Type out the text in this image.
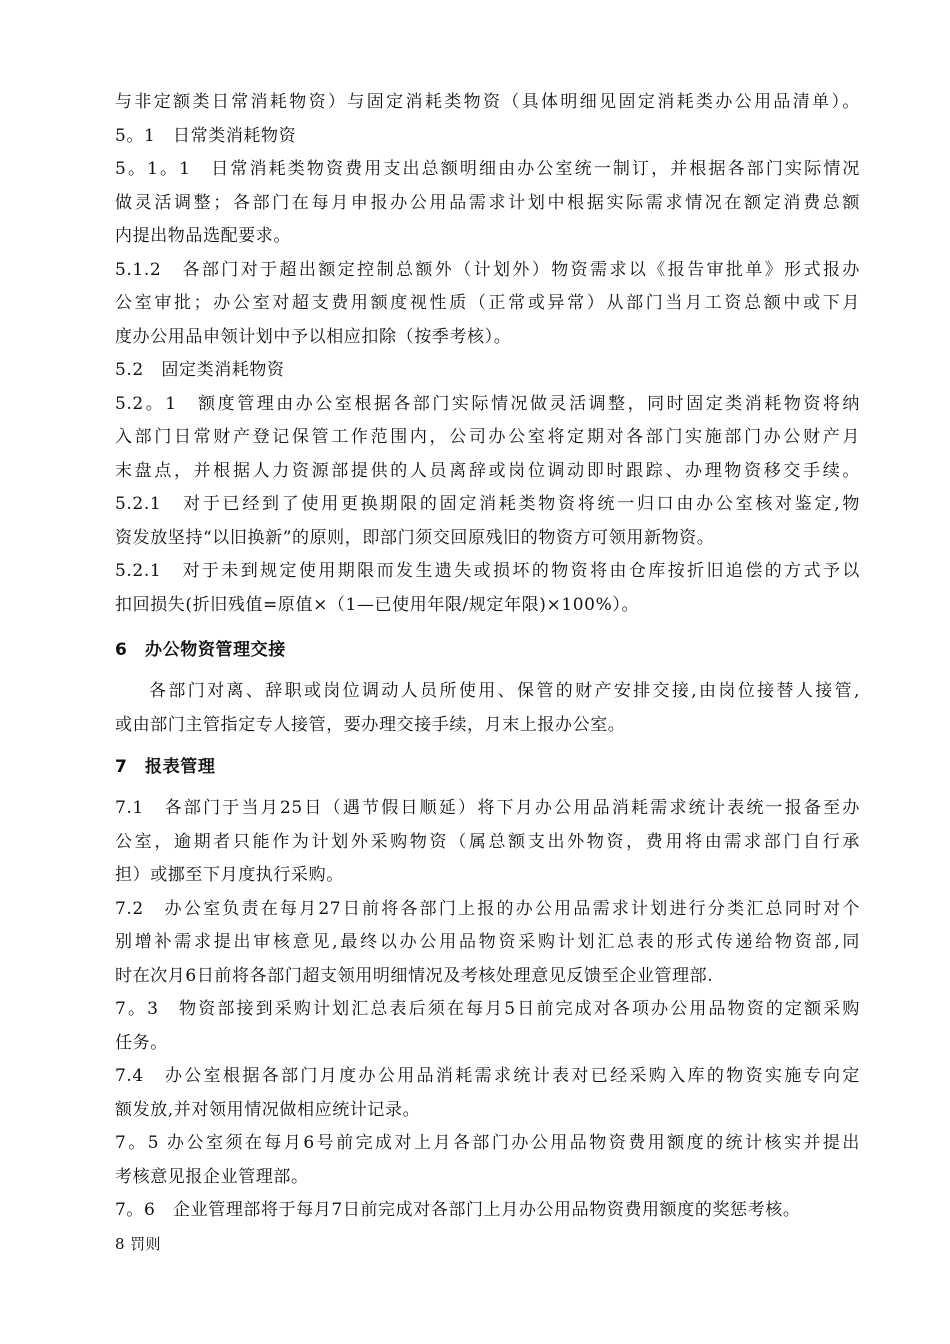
与非定额类日常消耗物资）与固定消耗类物资（具体明细见固定消耗类办公用品清单）。
5。1　日常类消耗物资
5。1。1　日常消耗类物资费用支出总额明细由办公室统一制订，并根据各部门实际情况
做灵活调整；各部门在每月申报办公用品需求计划中根据实际需求情况在额定消费总额
内提出物品选配要求。
5.1.2　各部门对于超出额定控制总额外（计划外）物资需求以《报告审批单》形式报办
公室审批；办公室对超支费用额度视性质（正常或异常）从部门当月工资总额中或下月
度办公用品申领计划中予以相应扣除（按季考核）。
5.2　固定类消耗物资
5.2。1　额度管理由办公室根据各部门实际情况做灵活调整，同时固定类消耗物资将纳
入部门日常财产登记保管工作范围内，公司办公室将定期对各部门实施部门办公财产月
末盘点，并根据人力资源部提供的人员离辞或岗位调动即时跟踪、办理物资移交手续。
5.2.1　对于已经到了使用更换期限的固定消耗类物资将统一归口由办公室核对鉴定,物
资发放坚持“以旧换新”的原则，即部门须交回原残旧的物资方可领用新物资。
5.2.1　对于未到规定使用期限而发生遗失或损坏的物资将由仓库按折旧追偿的方式予以
扣回损失(折旧残值=原值×（1—已使用年限/规定年限)×100%）。
6　办公物资管理交接
各部门对离、辞职或岗位调动人员所使用、保管的财产安排交接,由岗位接替人接管,
或由部门主管指定专人接管，要办理交接手续，月末上报办公室。
7　报表管理
7.1　各部门于当月25日（遇节假日顺延）将下月办公用品消耗需求统计表统一报备至办
公室，逾期者只能作为计划外采购物资（属总额支出外物资，费用将由需求部门自行承
担）或挪至下月度执行采购。
7.2　办公室负责在每月27日前将各部门上报的办公用品需求计划进行分类汇总同时对个
别增补需求提出审核意见,最终以办公用品物资采购计划汇总表的形式传递给物资部,同
时在次月6日前将各部门超支领用明细情况及考核处理意见反馈至企业管理部.
7。3　物资部接到采购计划汇总表后须在每月5日前完成对各项办公用品物资的定额采购
任务。
7.4　办公室根据各部门月度办公用品消耗需求统计表对已经采购入库的物资实施专向定
额发放,并对领用情况做相应统计记录。
7。5 办公室须在每月6号前完成对上月各部门办公用品物资费用额度的统计核实并提出
考核意见报企业管理部。
7。6　企业管理部将于每月7日前完成对各部门上月办公用品物资费用额度的奖惩考核。
8 罚则
